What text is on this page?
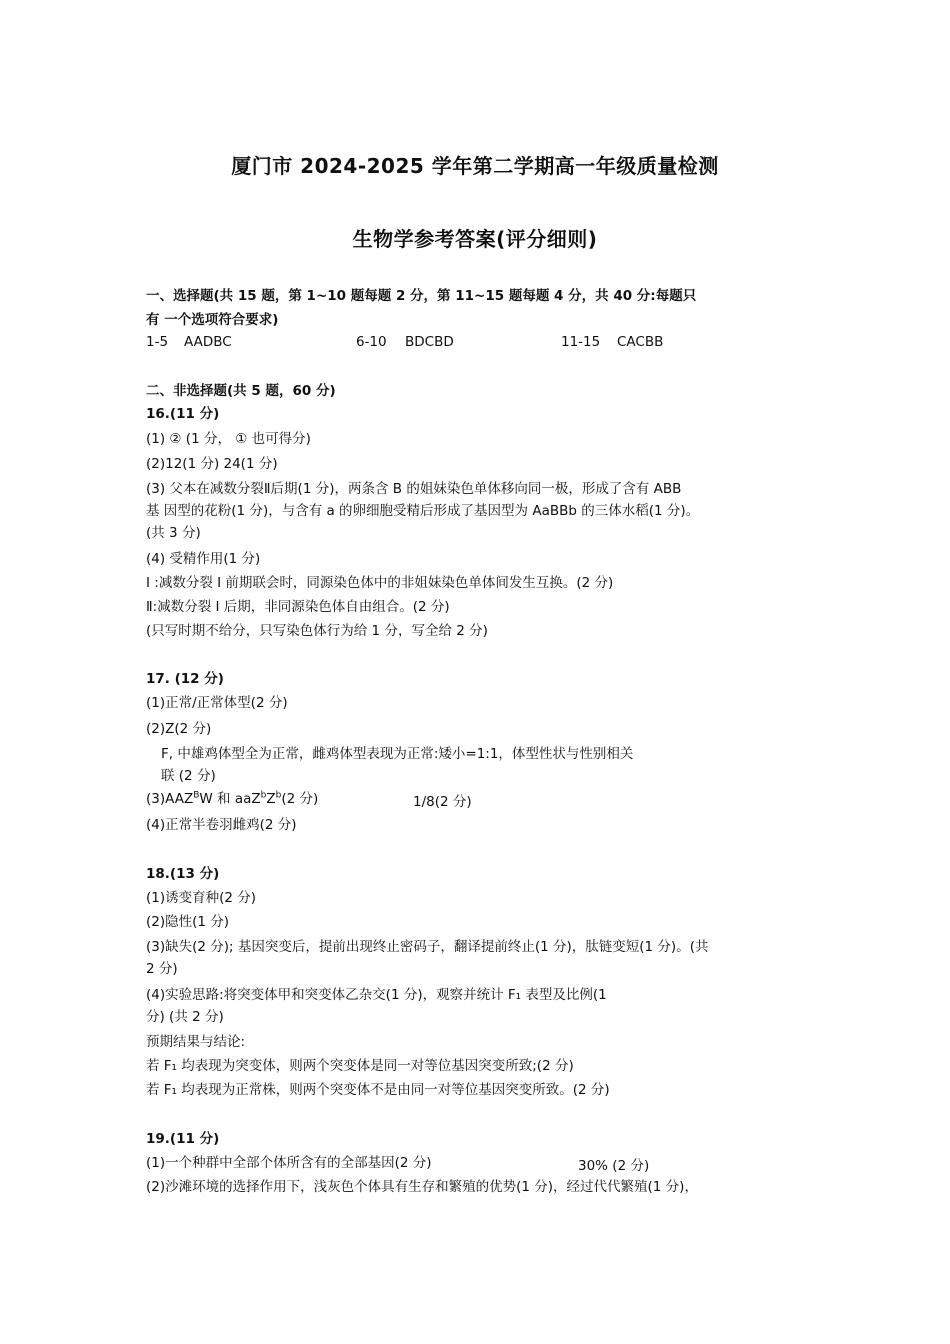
厦门市 2024-2025 学年第二学期高一年级质量检测
生物学参考答案(评分细则)
一、选择题(共 15 题，第 1~10 题每题 2 分，第 11~15 题每题 4 分，共 40 分:每题只
有 一个选项符合要求)
1-5 AADBC	6-10 BDCBD	11-15 CACBB
二、非选择题(共 5 题，60 分)
16.(11 分)
(1) ② (1 分， ① 也可得分)
(2)12(1 分) 24(1 分)
(3) 父本在减数分裂Ⅱ后期(1 分)，两条含 B 的姐妹染色单体移向同一极，形成了含有 ABB
基 因型的花粉(1 分)，与含有 a 的卵细胞受精后形成了基因型为 AaBBb 的三体水稻(1 分)。
(共 3 分)
(4) 受精作用(1 分)
Ⅰ :减数分裂 Ⅰ 前期联会时，同源染色体中的非姐妹染色单体间发生互换。(2 分)
Ⅱ:减数分裂 Ⅰ 后期，非同源染色体自由组合。(2 分)
(只写时期不给分，只写染色体行为给 1 分，写全给 2 分)
17. (12 分)
(1)正常/正常体型(2 分)
(2)Z(2 分)
F, 中雄鸡体型全为正常，雌鸡体型表现为正常:矮小=1:1，体型性状与性别相关
联 (2 分)
$(3)AAZ^BW$ 和 $aaZ^bZ^b(2$ 分)	1/8(2 分)
(4)正常半卷羽雌鸡(2 分)
18.(13 分)
(1)诱变育种(2 分)
(2)隐性(1 分)
(3)缺失(2 分); 基因突变后，提前出现终止密码子，翻译提前终止(1 分)，肽链变短(1 分)。(共
2 分)
(4)实验思路:将突变体甲和突变体乙杂交(1 分)，观察并统计 F₁ 表型及比例(1
分) (共 2 分)
预期结果与结论:
若 F₁ 均表现为突变体，则两个突变体是同一对等位基因突变所致;(2 分)
若 F₁ 均表现为正常株，则两个突变体不是由同一对等位基因突变所致。(2 分)
19.(11 分)
(1)一个种群中全部个体所含有的全部基因(2 分)	30% (2 分)
(2)沙滩环境的选择作用下，浅灰色个体具有生存和繁殖的优势(1 分)，经过代代繁殖(1 分)，
